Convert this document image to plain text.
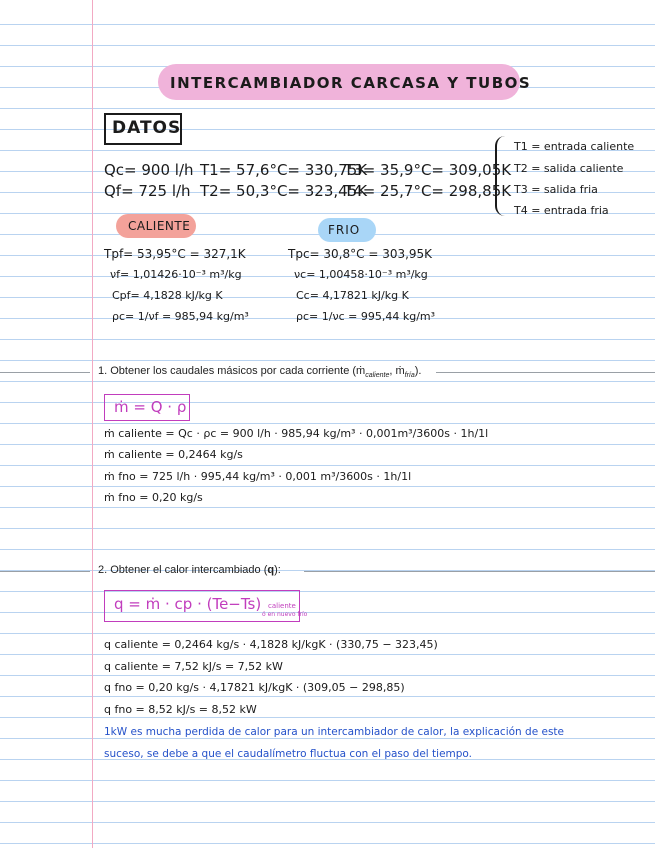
INTERCAMBIADOR CARCASA Y TUBOS
DATOS
Qc= 900 l/h T1= 57,6°C= 330,75K
T3= 35,9°C= 309,05K
Qf= 725 l/h T2= 50,3°C= 323,45K
T4= 25,7°C= 298,85K
T1 = entrada caliente
T2 = salida caliente
T3 = salida fria
T4 = entrada fria
CALIENTE	FRIO
Tpf= 53,95°C = 327,1K
νf= 1,01426·10⁻³ m³/kg
Cpf= 4,1828 kJ/kg K
ρc= 1/νf = 985,94 kg/m³
Tpc= 30,8°C = 303,95K
νc= 1,00458·10⁻³ m³/kg
Cc= 4,17821 kJ/kg K
ρc= 1/νc = 995,44 kg/m³
1. Obtener los caudales másicos por cada corriente (ṁ$_{caliente}$, ṁ$_{fría}$).
ṁ = Q · ρ
ṁ caliente = Qc · ρc = 900 l/h · 985,94 kg/m³ · 0,001m³/3600s · 1h/1l
ṁ caliente = 0,2464 kg/s
ṁ fno = 725 l/h · 995,44 kg/m³ · 0,001 m³/3600s · 1h/1l
ṁ fno = 0,20 kg/s
2. Obtener el calor intercambiado (q):
q = ṁ · cp · (Te−Ts) caliente
ó en nuevo frío
q caliente = 0,2464 kg/s · 4,1828 kJ/kgK · (330,75 − 323,45)
q caliente = 7,52 kJ/s = 7,52 kW
q fno = 0,20 kg/s · 4,17821 kJ/kgK · (309,05 − 298,85)
q fno = 8,52 kJ/s = 8,52 kW
1kW es mucha perdida de calor para un intercambiador de calor, la explicación de este
suceso, se debe a que el caudalímetro fluctua con el paso del tiempo.
